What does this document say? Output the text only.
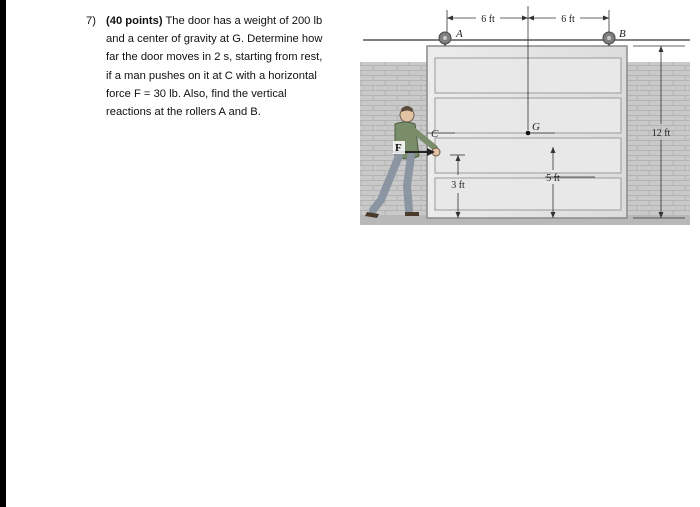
7) (40 points) The door has a weight of 200 lb
and a center of gravity at G. Determine how
far the door moves in 2 s, starting from rest,
if a man pushes on it at C with a horizontal
force F = 30 lb. Also, find the vertical
reactions at the rollers A and B.
6 ft	6 ft
A	B
G
C	12 ft
3 ft
5 ft
F
